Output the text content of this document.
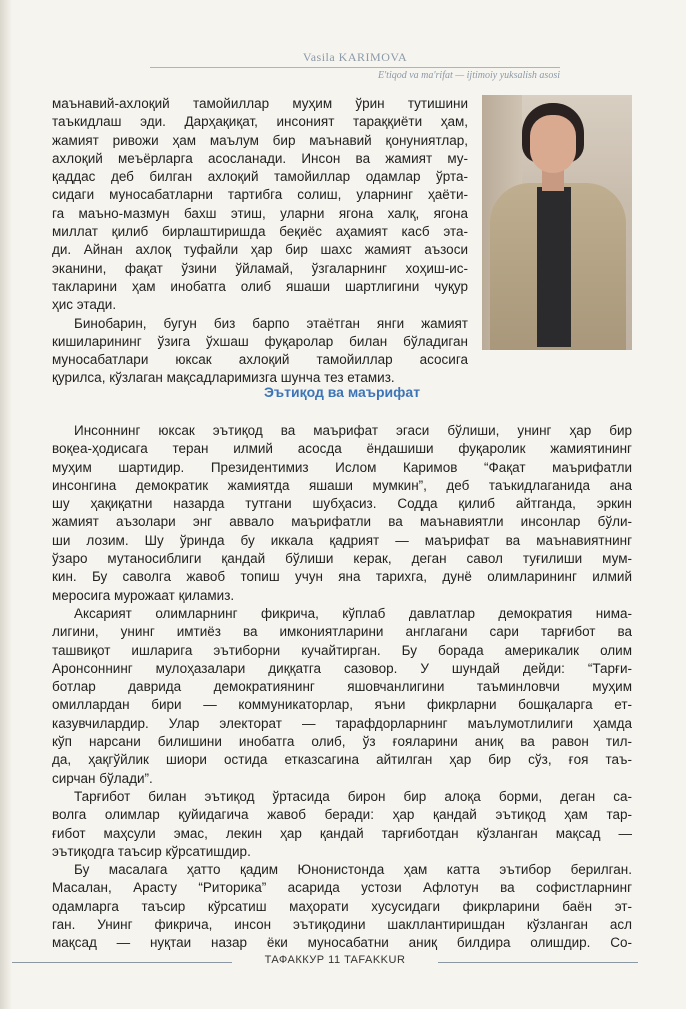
Vasila KARIMOVA
E'tiqod va ma'rifat — ijtimoiy yuksalish asosi

маънавий-ахлоқий тамойиллар муҳим ўрин тутишини
таъкидлаш эди. Дарҳақиқат, инсоният тараққиёти ҳам,
жамият ривожи ҳам маълум бир маънавий қонуниятлар,
ахлоқий меъёрларга асосланади. Инсон ва жамият му-
қаддас деб билган ахлоқий тамойиллар одамлар ўрта-
сидаги муносабатларни тартибга солиш, уларнинг ҳаёти-
га маъно-мазмун бахш этиш, уларни ягона халқ, ягона
миллат қилиб бирлаштиришда беқиёс аҳамият касб эта-
ди. Айнан ахлоқ туфайли ҳар бир шахс жамият аъзоси
эканини, фақат ўзини ўйламай, ўзгаларнинг хоҳиш-ис-
такларини ҳам инобатга олиб яшаши шартлигини чуқур
ҳис этади.

Бинобарин, бугун биз барпо этаётган янги жамият
кишиларининг ўзига ўхшаш фуқаролар билан бўладиган
муносабатлари юксак ахлоқий тамойиллар асосига
қурилса, кўзлаган мақсадларимизга шунча тез етамиз.

Эътиқод ва маърифат

Инсоннинг юксак эътиқод ва маърифат эгаси бўлиши, унинг ҳар бир
воқеа-ҳодисага теран илмий асосда ёндашиши фуқаролик жамиятининг
муҳим шартидир. Президентимиз Ислом Каримов “Фақат маърифатли
инсонгина демократик жамиятда яшаши мумкин”, деб таъкидлаганида ана
шу ҳақиқатни назарда тутгани шубҳасиз. Содда қилиб айтганда, эркин
жамият аъзолари энг аввало маърифатли ва маънавиятли инсонлар бўли-
ши лозим. Шу ўринда бу иккала қадрият — маърифат ва маънавиятнинг
ўзаро мутаносиблиги қандай бўлиши керак, деган савол туғилиши мум-
кин. Бу саволга жавоб топиш учун яна тарихга, дунё олимларининг илмий
меросига мурожаат қиламиз.

Аксарият олимларнинг фикрича, кўплаб давлатлар демократия нима-
лигини, унинг имтиёз ва имкониятларини англагани сари тарғибот ва
ташвиқот ишларига эътиборни кучайтирган. Бу борада америкалик олим
Аронсоннинг мулоҳазалари диққатга сазовор. У шундай дейди: “Тарғи-
ботлар даврида демократиянинг яшовчанлигини таъминловчи муҳим
омиллардан бири — коммуникаторлар, яъни фикрларни бошқаларга ет-
казувчилардир. Улар электорат — тарафдорларнинг маълумотлилиги ҳамда
кўп нарсани билишини инобатга олиб, ўз ғояларини аниқ ва равон тил-
да, ҳақгўйлик шиори остида етказсагина айтилган ҳар бир сўз, ғоя таъ-
сирчан бўлади”.

Тарғибот билан эътиқод ўртасида бирон бир алоқа борми, деган са-
волга олимлар қуйидагича жавоб беради: ҳар қандай эътиқод ҳам тар-
ғибот маҳсули эмас, лекин ҳар қандай тарғиботдан кўзланган мақсад —
эътиқодга таъсир кўрсатишдир.

Бу масалага ҳатто қадим Юнонистонда ҳам катта эътибор берилган.
Масалан, Арасту “Риторика” асарида устози Афлотун ва софистларнинг
одамларга таъсир кўрсатиш маҳорати хусусидаги фикрларини баён эт-
ган. Унинг фикрича, инсон эътиқодини шакллантиришдан кўзланган асл
мақсад — нуқтаи назар ёки муносабатни аниқ билдира олишдир. Со-

ТАФАККУР 11 TAFAKKUR
